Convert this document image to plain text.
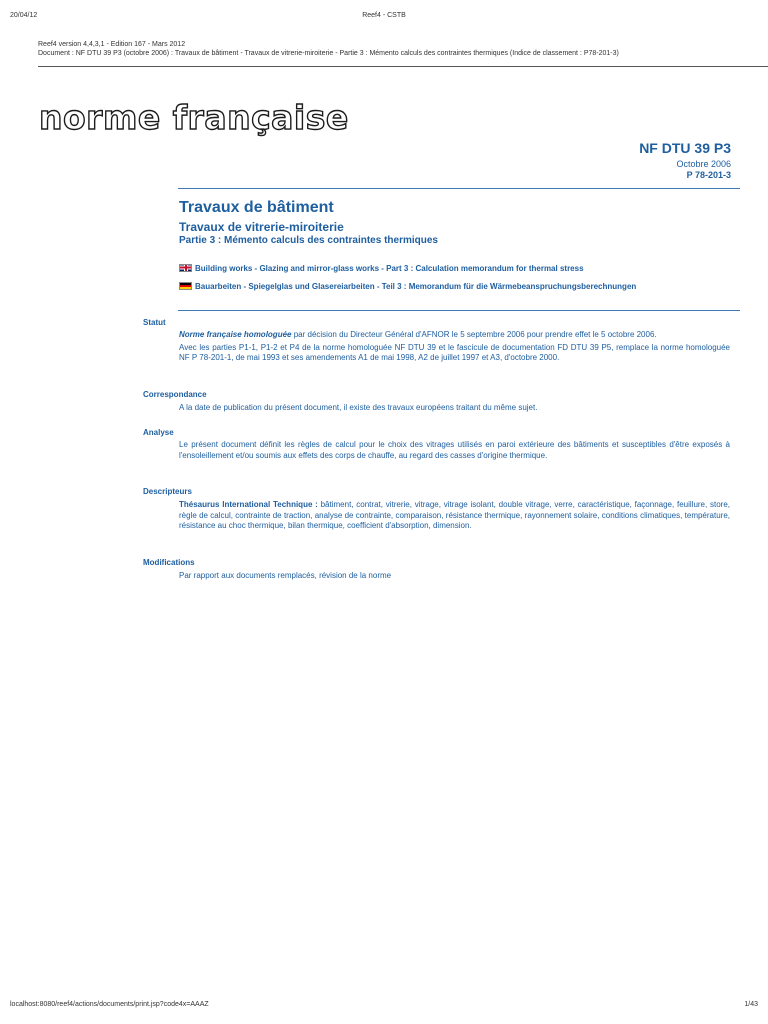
20/04/12	Reef4 - CSTB
Reef4 version 4,4,3,1 - Edition 167 - Mars 2012
Document : NF DTU 39 P3 (octobre 2006) : Travaux de bâtiment - Travaux de vitrerie-miroiterie - Partie 3 : Mémento calculs des contraintes thermiques (Indice de classement : P78-201-3)
norme française
NF DTU 39 P3
Octobre 2006
P 78-201-3
Travaux de bâtiment
Travaux de vitrerie-miroiterie
Partie 3 : Mémento calculs des contraintes thermiques
Building works - Glazing and mirror-glass works - Part 3 : Calculation memorandum for thermal stress
Bauarbeiten - Spiegelglas und Glasereiarbeiten - Teil 3 : Memorandum für die Wärmebeanspruchungsberechnungen
Statut

Norme française homologuée par décision du Directeur Général d'AFNOR le 5 septembre 2006 pour prendre effet le 5 octobre 2006.

Avec les parties P1-1, P1-2 et P4 de la norme homologuée NF DTU 39 et le fascicule de documentation FD DTU 39 P5, remplace la norme homologuée NF P 78-201-1, de mai 1993 et ses amendements A1 de mai 1998, A2 de juillet 1997 et A3, d'octobre 2000.

Correspondance
A la date de publication du présent document, il existe des travaux européens traitant du même sujet.
Analyse
Le présent document définit les règles de calcul pour le choix des vitrages utilisés en paroi extérieure des bâtiments et susceptibles d'être exposés à l'ensoleillement et/ou soumis aux effets des corps de chauffe, au regard des casses d'origine thermique.
Descripteurs
Thésaurus International Technique : bâtiment, contrat, vitrerie, vitrage, vitrage isolant, double vitrage, verre, caractéristique, façonnage, feuillure, store, règle de calcul, contrainte de traction, analyse de contrainte, comparaison, résistance thermique, rayonnement solaire, conditions climatiques, température, résistance au choc thermique, bilan thermique, coefficient d'absorption, dimension.
Modifications
Par rapport aux documents remplacés, révision de la norme
localhost:8080/reef4/actions/documents/print.jsp?code4x=AAAZ	1/43
